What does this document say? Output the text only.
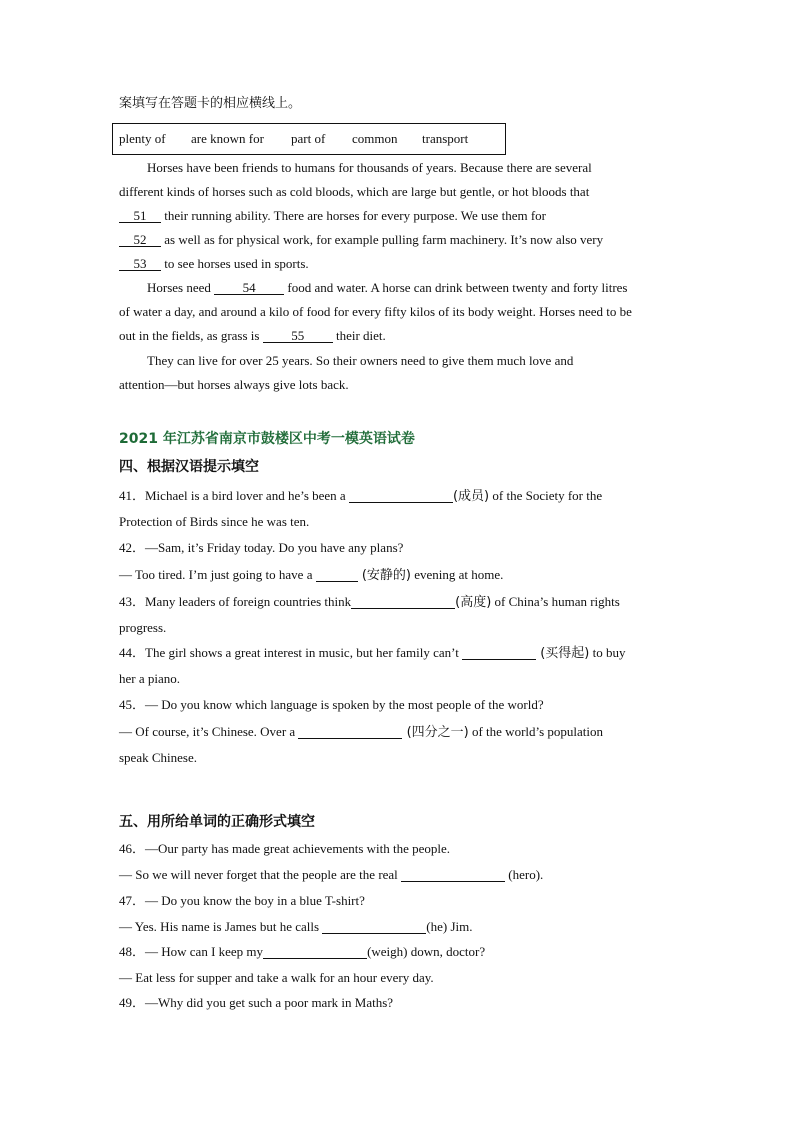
案填写在答题卡的相应横线上。
plenty of are known for part of common transport
Horses have been friends to humans for thousands of years. Because there are several
different kinds of horses such as cold bloods, which are large but gentle, or hot bloods that
51 their running ability. There are horses for every purpose. We use them for
52 as well as for physical work, for example pulling farm machinery. It’s now also very
53 to see horses used in sports.
Horses need 54 food and water. A horse can drink between twenty and forty litres
of water a day, and around a kilo of food for every fifty kilos of its body weight. Horses need to be
out in the fields, as grass is 55 their diet.
They can live for over 25 years. So their owners need to give them much love and
attention—but horses always give lots back.
2021 年江苏省南京市鼓楼区中考一模英语试卷
四、根据汉语提示填空
41．Michael is a bird lover and he’s been a	(成员) of the Society for the
Protection of Birds since he was ten.
42．—Sam, it’s Friday today. Do you have any plans?
— Too tired. I’m just going to have a	(安静的) evening at home.
43．Many leaders of foreign countries think	(高度) of China’s human rights
progress.
44．The girl shows a great interest in music, but her family can’t	(买得起) to buy
her a piano.
45．— Do you know which language is spoken by the most people of the world?
— Of course, it’s Chinese. Over a	(四分之一) of the world’s population
speak Chinese.
五、用所给单词的正确形式填空
46．—Our party has made great achievements with the people.
— So we will never forget that the people are the real	(hero).
47．— Do you know the boy in a blue T-shirt?
— Yes. His name is James but he calls	(he) Jim.
48．— How can I keep my	(weigh) down, doctor?
— Eat less for supper and take a walk for an hour every day.
49．—Why did you get such a poor mark in Maths?
